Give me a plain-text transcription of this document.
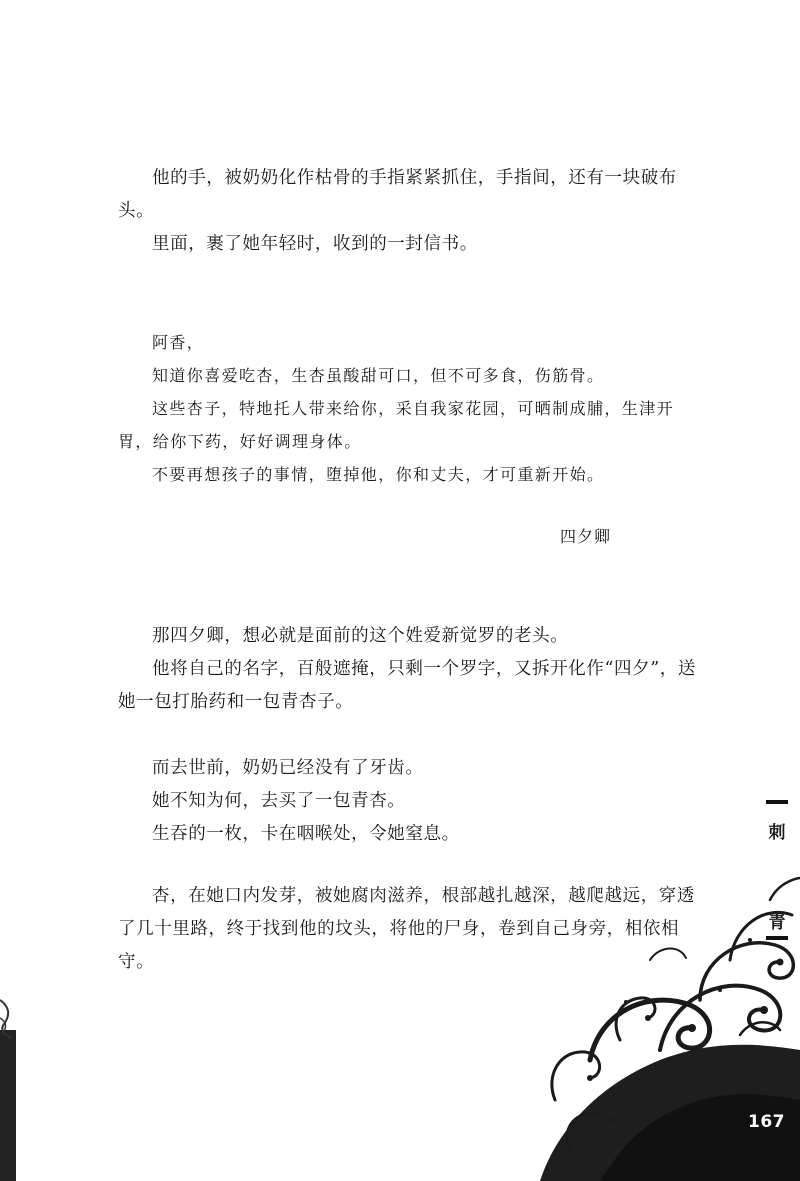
他的手，被奶奶化作枯骨的手指紧紧抓住，手指间，还有一块破布头。

里面，裹了她年轻时，收到的一封信书。

阿香，

知道你喜爱吃杏，生杏虽酸甜可口，但不可多食，伤筋骨。

这些杏子，特地托人带来给你，采自我家花园，可晒制成脯，生津开胃，给你下药，好好调理身体。

不要再想孩子的事情，堕掉他，你和丈夫，才可重新开始。

四夕卿

那四夕卿，想必就是面前的这个姓爱新觉罗的老头。

他将自己的名字，百般遮掩，只剩一个罗字，又拆开化作“四夕”，送她一包打胎药和一包青杏子。

而去世前，奶奶已经没有了牙齿。

她不知为何，去买了一包青杏。

生吞的一枚，卡在咽喉处，令她窒息。

杏，在她口内发芽，被她腐肉滋养，根部越扎越深，越爬越远，穿透了几十里路，终于找到他的坟头，将他的尸身，卷到自己身旁，相依相守。

刺
青
167
